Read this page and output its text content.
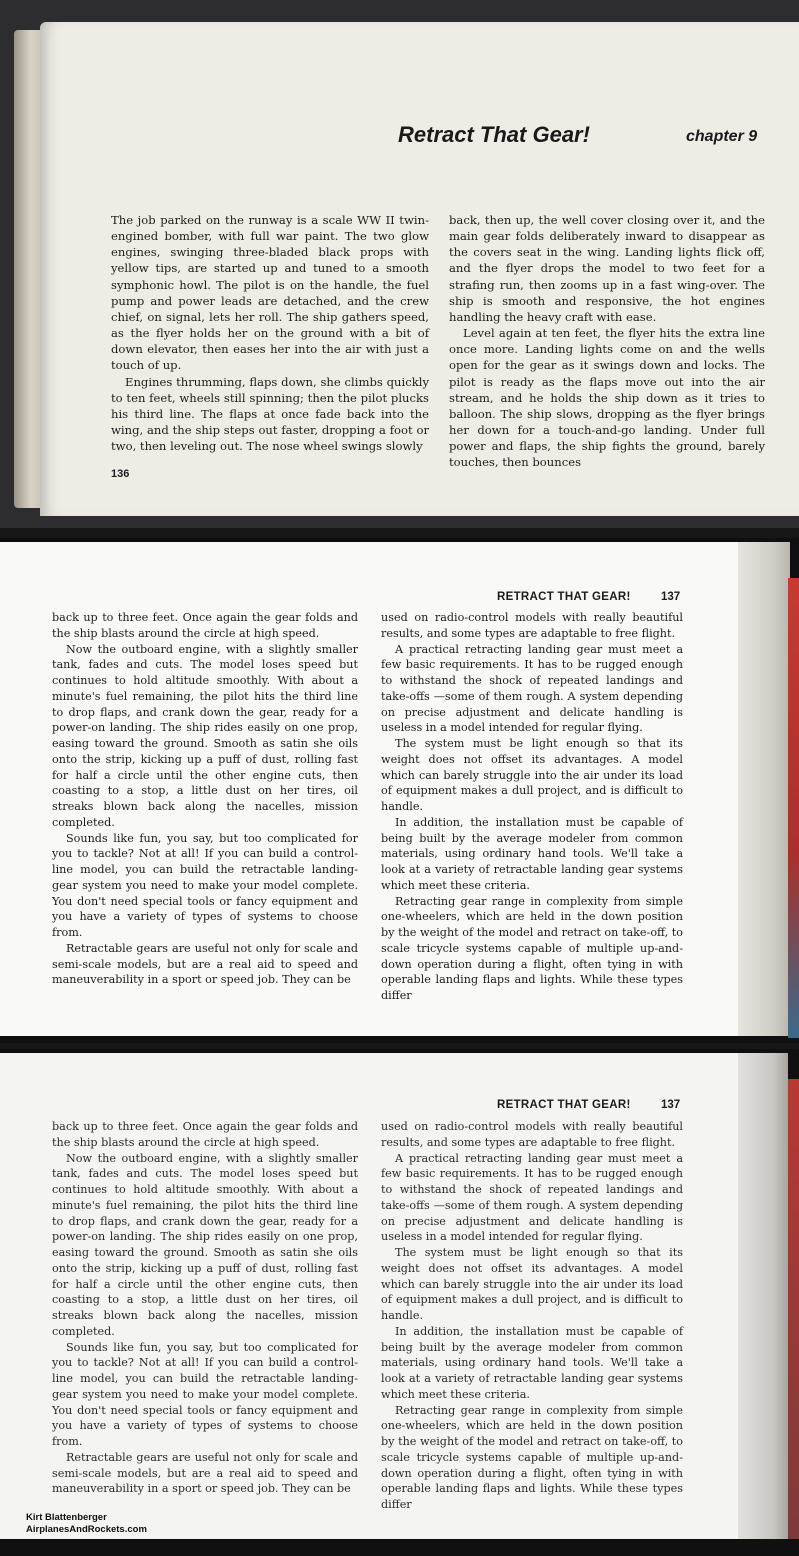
Retract That Gear!	chapter 9

The job parked on the runway is a scale WW II twin-engined bomber, with full war paint. The two glow engines, swinging three-bladed black props with yellow tips, are started up and tuned to a smooth symphonic howl. The pilot is on the handle, the fuel pump and power leads are detached, and the crew chief, on signal, lets her roll. The ship gathers speed, as the flyer holds her on the ground with a bit of down elevator, then eases her into the air with just a touch of up.

Engines thrumming, flaps down, she climbs quickly to ten feet, wheels still spinning; then the pilot plucks his third line. The flaps at once fade back into the wing, and the ship steps out faster, dropping a foot or two, then leveling out. The nose wheel swings slowly

back, then up, the well cover closing over it, and the main gear folds deliberately inward to disappear as the covers seat in the wing. Landing lights flick off, and the flyer drops the model to two feet for a strafing run, then zooms up in a fast wing-over. The ship is smooth and responsive, the hot engines handling the heavy craft with ease.

Level again at ten feet, the flyer hits the extra line once more. Landing lights come on and the wells open for the gear as it swings down and locks. The pilot is ready as the flaps move out into the air stream, and he holds the ship down as it tries to balloon. The ship slows, dropping as the flyer brings her down for a touch-and-go landing. Under full power and flaps, the ship fights the ground, barely touches, then bounces

136
RETRACT THAT GEAR!	137

back up to three feet. Once again the gear folds and the ship blasts around the circle at high speed.

Now the outboard engine, with a slightly smaller tank, fades and cuts. The model loses speed but continues to hold altitude smoothly. With about a minute's fuel remaining, the pilot hits the third line to drop flaps, and crank down the gear, ready for a power-on landing. The ship rides easily on one prop, easing toward the ground. Smooth as satin she oils onto the strip, kicking up a puff of dust, rolling fast for half a circle until the other engine cuts, then coasting to a stop, a little dust on her tires, oil streaks blown back along the nacelles, mission completed.

Sounds like fun, you say, but too complicated for you to tackle? Not at all! If you can build a control-line model, you can build the retractable landing-gear system you need to make your model complete. You don't need special tools or fancy equipment and you have a variety of types of systems to choose from.

Retractable gears are useful not only for scale and semi-scale models, but are a real aid to speed and maneuverability in a sport or speed job. They can be

used on radio-control models with really beautiful results, and some types are adaptable to free flight.

A practical retracting landing gear must meet a few basic requirements. It has to be rugged enough to withstand the shock of repeated landings and take-offs —some of them rough. A system depending on precise adjustment and delicate handling is useless in a model intended for regular flying.

The system must be light enough so that its weight does not offset its advantages. A model which can barely struggle into the air under its load of equipment makes a dull project, and is difficult to handle.

In addition, the installation must be capable of being built by the average modeler from common materials, using ordinary hand tools. We'll take a look at a variety of retractable landing gear systems which meet these criteria.

Retracting gear range in complexity from simple one-wheelers, which are held in the down position by the weight of the model and retract on take-off, to scale tricycle systems capable of multiple up-and-down operation during a flight, often tying in with operable landing flaps and lights. While these types differ

RETRACT THAT GEAR!	137

back up to three feet. Once again the gear folds and the ship blasts around the circle at high speed.

Now the outboard engine, with a slightly smaller tank, fades and cuts. The model loses speed but continues to hold altitude smoothly. With about a minute's fuel remaining, the pilot hits the third line to drop flaps, and crank down the gear, ready for a power-on landing. The ship rides easily on one prop, easing toward the ground. Smooth as satin she oils onto the strip, kicking up a puff of dust, rolling fast for half a circle until the other engine cuts, then coasting to a stop, a little dust on her tires, oil streaks blown back along the nacelles, mission completed.

Sounds like fun, you say, but too complicated for you to tackle? Not at all! If you can build a control-line model, you can build the retractable landing-gear system you need to make your model complete. You don't need special tools or fancy equipment and you have a variety of types of systems to choose from.

Retractable gears are useful not only for scale and semi-scale models, but are a real aid to speed and maneuverability in a sport or speed job. They can be

used on radio-control models with really beautiful results, and some types are adaptable to free flight.

A practical retracting landing gear must meet a few basic requirements. It has to be rugged enough to withstand the shock of repeated landings and take-offs —some of them rough. A system depending on precise adjustment and delicate handling is useless in a model intended for regular flying.

The system must be light enough so that its weight does not offset its advantages. A model which can barely struggle into the air under its load of equipment makes a dull project, and is difficult to handle.

In addition, the installation must be capable of being built by the average modeler from common materials, using ordinary hand tools. We'll take a look at a variety of retractable landing gear systems which meet these criteria.

Retracting gear range in complexity from simple one-wheelers, which are held in the down position by the weight of the model and retract on take-off, to scale tricycle systems capable of multiple up-and-down operation during a flight, often tying in with operable landing flaps and lights. While these types differ

Kirt Blattenberger
AirplanesAndRockets.com
